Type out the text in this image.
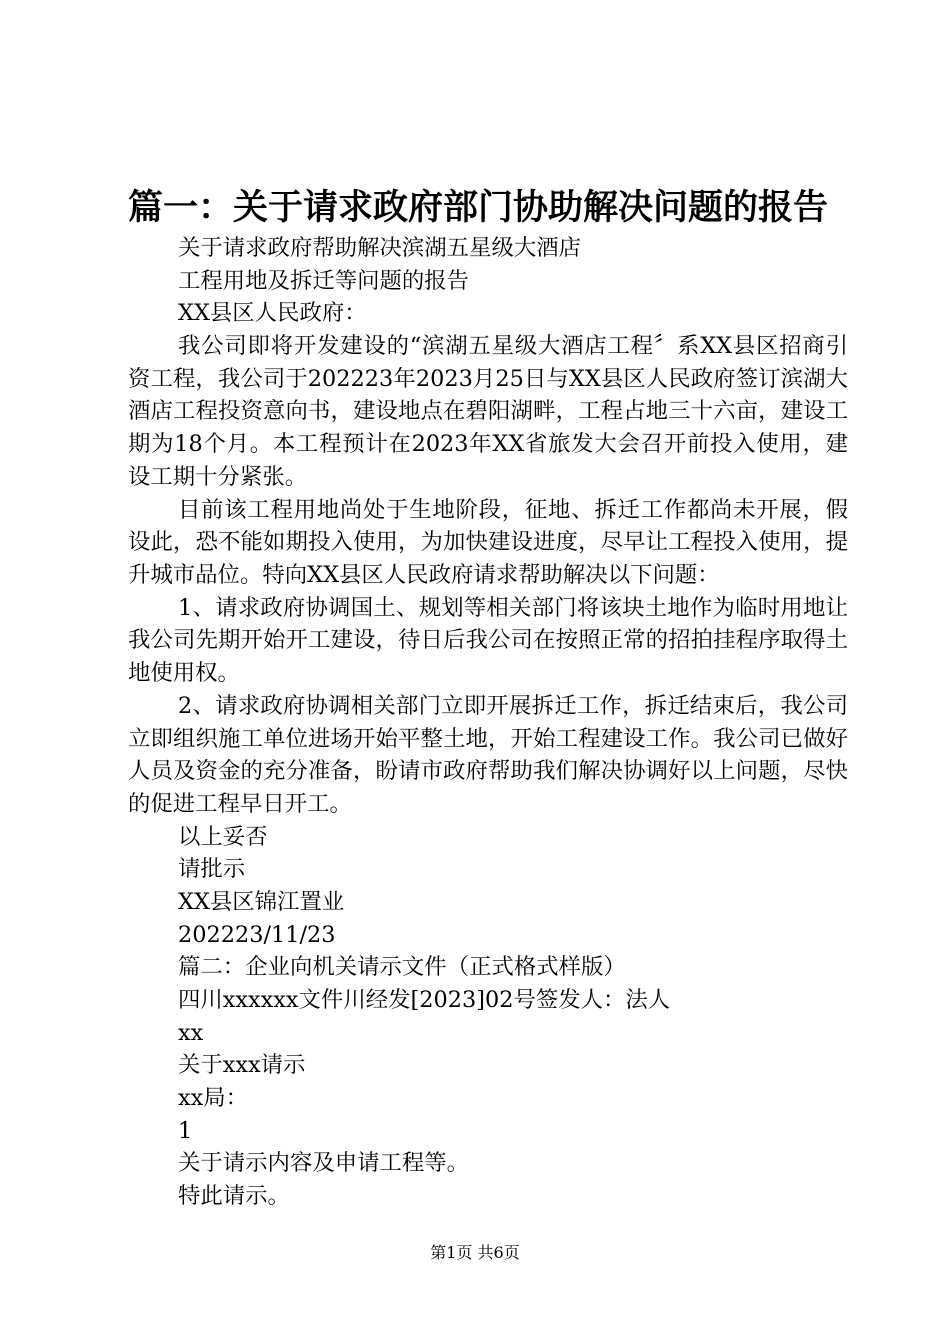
篇一：关于请求政府部门协助解决问题的报告
关于请求政府帮助解决滨湖五星级大酒店
工程用地及拆迁等问题的报告
XX县区人民政府：
我公司即将开发建设的“滨湖五星级大酒店工程〞系XX县区招商引资工程，我公司于202223年2023月25日与XX县区人民政府签订滨湖大酒店工程投资意向书，建设地点在碧阳湖畔，工程占地三十六亩，建设工期为18个月。本工程预计在2023年XX省旅发大会召开前投入使用，建设工期十分紧张。
目前该工程用地尚处于生地阶段，征地、拆迁工作都尚未开展，假设此，恐不能如期投入使用，为加快建设进度，尽早让工程投入使用，提升城市品位。特向XX县区人民政府请求帮助解决以下问题：
1、请求政府协调国土、规划等相关部门将该块土地作为临时用地让我公司先期开始开工建设，待日后我公司在按照正常的招拍挂程序取得土地使用权。
2、请求政府协调相关部门立即开展拆迁工作，拆迁结束后，我公司立即组织施工单位进场开始平整土地，开始工程建设工作。我公司已做好人员及资金的充分准备，盼请市政府帮助我们解决协调好以上问题，尽快的促进工程早日开工。
以上妥否
请批示
XX县区锦江置业
202223/11/23
篇二：企业向机关请示文件（正式格式样版）
四川xxxxxx文件川经发[2023]02号签发人：法人
xx
关于xxx请示
xx局：
1
关于请示内容及申请工程等。
特此请示。
第1页 共6页
